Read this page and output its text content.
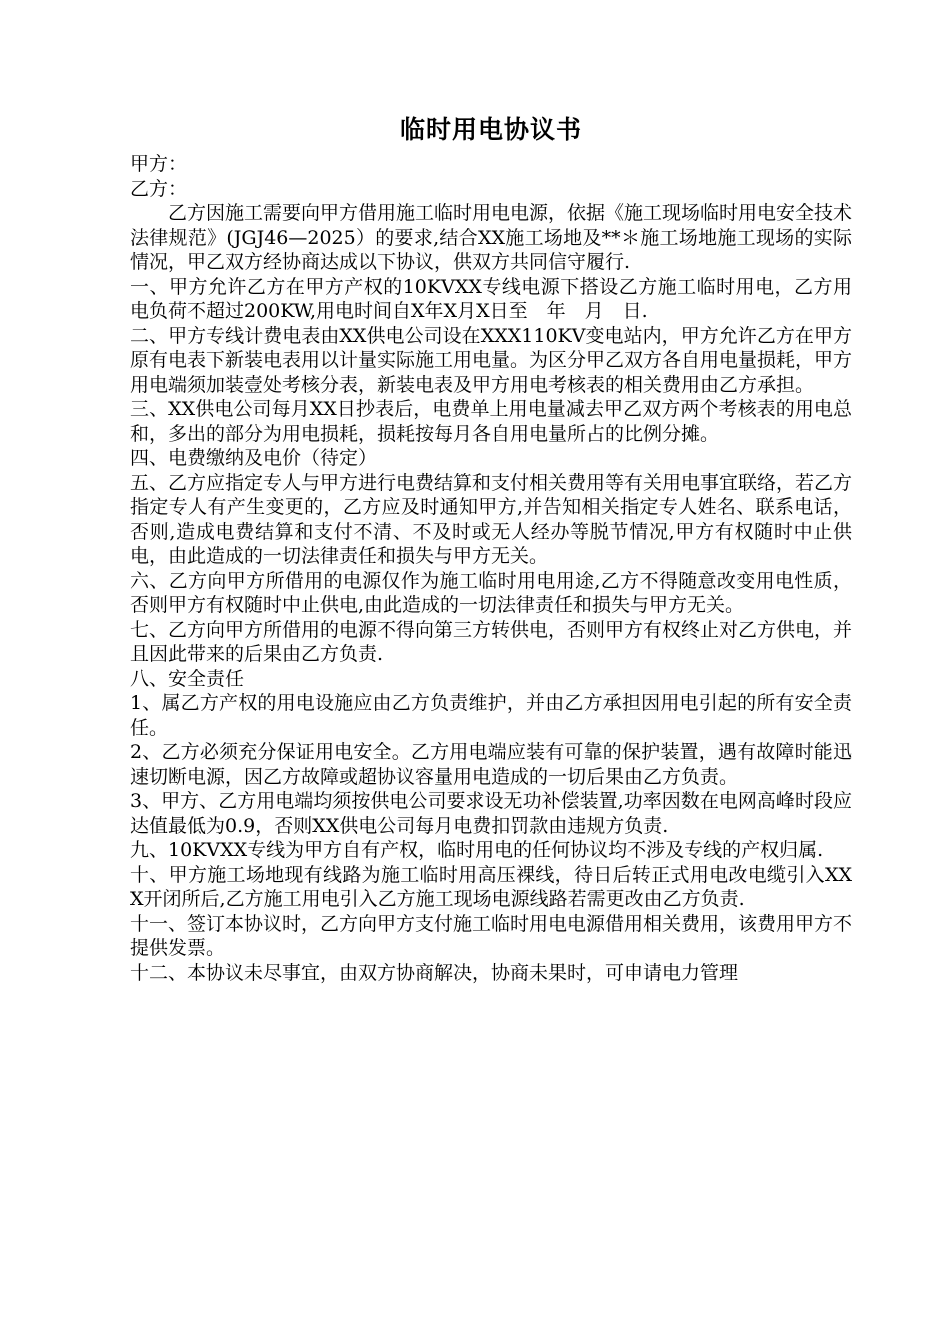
临时用电协议书

甲方：

乙方：

乙方因施工需要向甲方借用施工临时用电电源，依据《施工现场临时用电安全技术法律规范》(JGJ46—2025）的要求,结合XX施工场地及**＊施工场地施工现场的实际情况，甲乙双方经协商达成以下协议，供双方共同信守履行.

一、甲方允许乙方在甲方产权的10KVXX专线电源下搭设乙方施工临时用电，乙方用电负荷不超过200KW,用电时间自X年X月X日至　年　月　日.

二、甲方专线计费电表由XX供电公司设在XXX110KV变电站内，甲方允许乙方在甲方原有电表下新装电表用以计量实际施工用电量。为区分甲乙双方各自用电量损耗，甲方用电端须加装壹处考核分表，新装电表及甲方用电考核表的相关费用由乙方承担。

三、XX供电公司每月XX日抄表后，电费单上用电量减去甲乙双方两个考核表的用电总和，多出的部分为用电损耗，损耗按每月各自用电量所占的比例分摊。

四、电费缴纳及电价（待定）

五、乙方应指定专人与甲方进行电费结算和支付相关费用等有关用电事宜联络，若乙方指定专人有产生变更的，乙方应及时通知甲方,并告知相关指定专人姓名、联系电话，否则,造成电费结算和支付不清、不及时或无人经办等脱节情况,甲方有权随时中止供电，由此造成的一切法律责任和损失与甲方无关。

六、乙方向甲方所借用的电源仅作为施工临时用电用途,乙方不得随意改变用电性质，否则甲方有权随时中止供电,由此造成的一切法律责任和损失与甲方无关。

七、乙方向甲方所借用的电源不得向第三方转供电，否则甲方有权终止对乙方供电，并且因此带来的后果由乙方负责.

八、安全责任

1、属乙方产权的用电设施应由乙方负责维护，并由乙方承担因用电引起的所有安全责任。

2、乙方必须充分保证用电安全。乙方用电端应装有可靠的保护装置，遇有故障时能迅速切断电源，因乙方故障或超协议容量用电造成的一切后果由乙方负责。

3、甲方、乙方用电端均须按供电公司要求设无功补偿装置,功率因数在电网高峰时段应达值最低为0.9，否则XX供电公司每月电费扣罚款由违规方负责.

九、10KVXX专线为甲方自有产权，临时用电的任何协议均不涉及专线的产权归属.

十、甲方施工场地现有线路为施工临时用高压裸线，待日后转正式用电改电缆引入XXX开闭所后,乙方施工用电引入乙方施工现场电源线路若需更改由乙方负责.

十一、签订本协议时，乙方向甲方支付施工临时用电电源借用相关费用，该费用甲方不提供发票。

十二、本协议未尽事宜，由双方协商解决，协商未果时，可申请电力管理
